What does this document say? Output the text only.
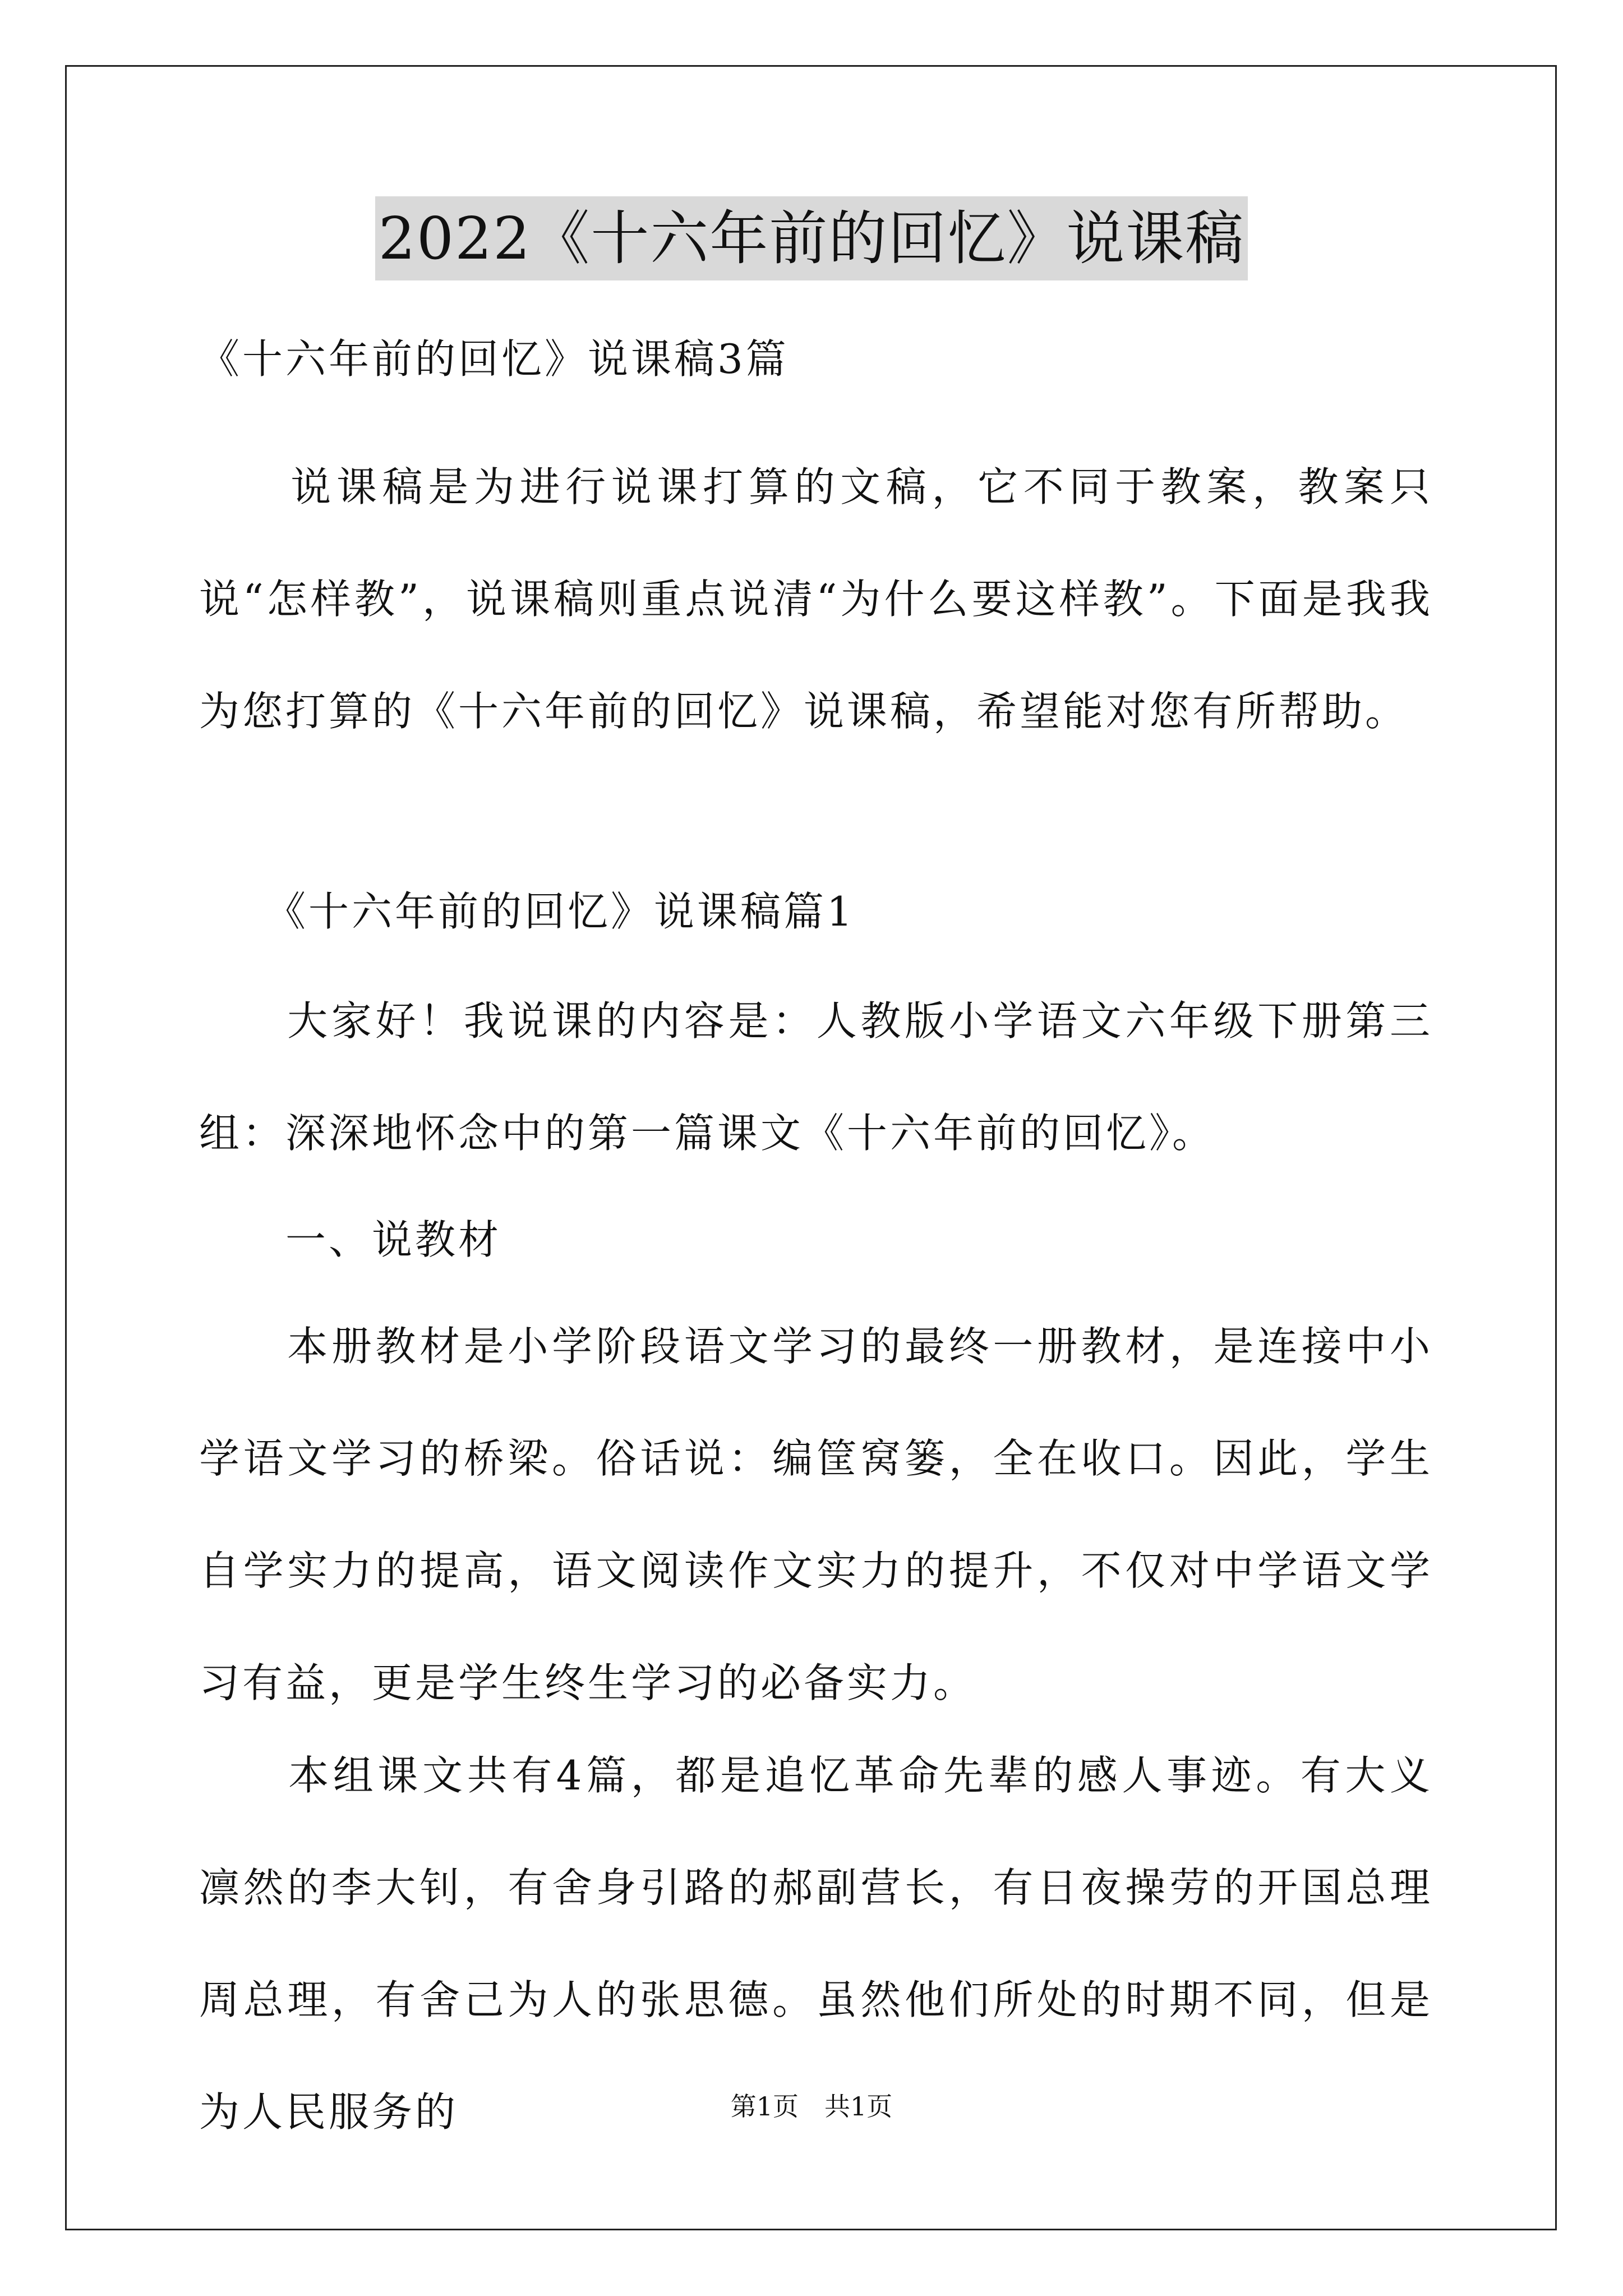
2022《十六年前的回忆》说课稿

《十六年前的回忆》说课稿3篇

　　说课稿是为进行说课打算的文稿，它不同于教案，教案只说“怎样教”，说课稿则重点说清“为什么要这样教”。下面是我我为您打算的《十六年前的回忆》说课稿，希望能对您有所帮助。

　　《十六年前的回忆》说课稿篇1

　　大家好！我说课的内容是：人教版小学语文六年级下册第三组：深深地怀念中的第一篇课文《十六年前的回忆》。

　　一、说教材

　　本册教材是小学阶段语文学习的最终一册教材，是连接中小学语文学习的桥梁。俗话说：编筐窝篓，全在收口。因此，学生自学实力的提高，语文阅读作文实力的提升，不仅对中学语文学习有益，更是学生终生学习的必备实力。

　　本组课文共有4篇，都是追忆革命先辈的感人事迹。有大义凛然的李大钊，有舍身引路的郝副营长，有日夜操劳的开国总理周总理，有舍己为人的张思德。虽然他们所处的时期不同，但是为人民服务的	第1页　共1页
